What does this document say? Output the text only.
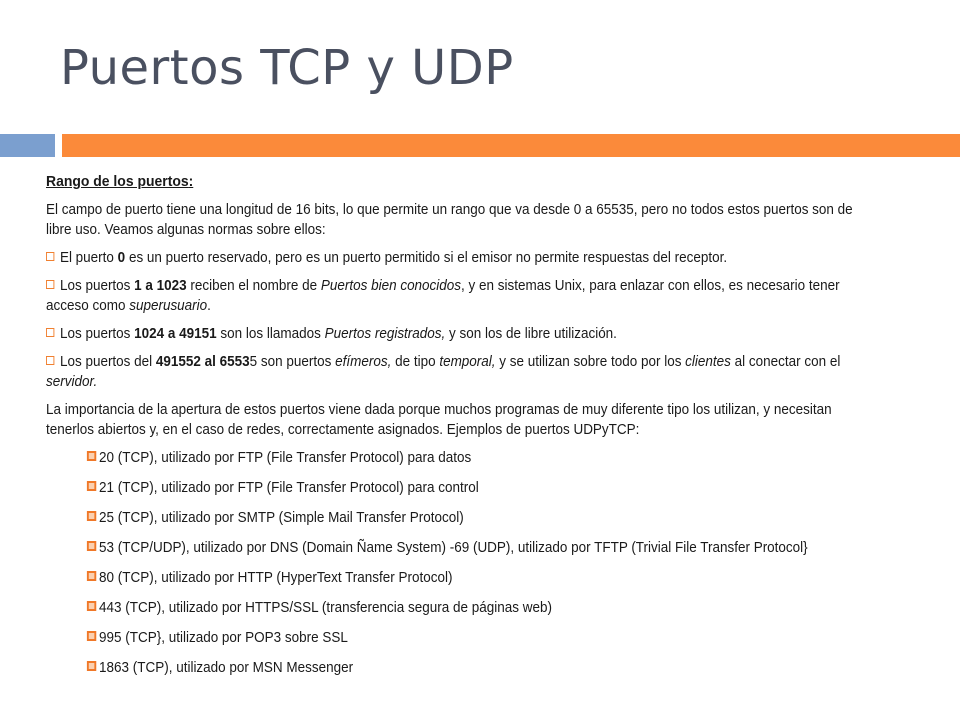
Puertos TCP y UDP

Rango de los puertos:

El campo de puerto tiene una longitud de 16 bits, lo que permite un rango que va desde 0 a 65535, pero no todos estos puertos son de libre uso. Veamos algunas normas sobre ellos:

El puerto 0 es un puerto reservado, pero es un puerto permitido si el emisor no permite respuestas del receptor.

Los puertos 1 a 1023 reciben el nombre de Puertos bien conocidos, y en sistemas Unix, para enlazar con ellos, es necesario tener acceso como superusuario.

Los puertos 1024 a 49151 son los llamados Puertos registrados, y son los de libre utilización.

Los puertos del 491552 al 65535 son puertos efímeros, de tipo temporal, y se utilizan sobre todo por los clientes al conectar con el servidor.

La importancia de la apertura de estos puertos viene dada porque muchos programas de muy diferente tipo los utilizan, y necesitan tenerlos abiertos y, en el caso de redes, correctamente asignados. Ejemplos de puertos UDPyTCP:

20 (TCP), utilizado por FTP (File Transfer Protocol) para datos
21 (TCP), utilizado por FTP (File Transfer Protocol) para control
25 (TCP), utilizado por SMTP (Simple Mail Transfer Protocol)
53 (TCP/UDP), utilizado por DNS (Domain Ñame System) -69 (UDP), utilizado por TFTP (Trivial File Transfer Protocol}
80 (TCP), utilizado por HTTP (HyperText Transfer Protocol)
443 (TCP), utilizado por HTTPS/SSL (transferencia segura de páginas web)
995 (TCP}, utilizado por POP3 sobre SSL
1863 (TCP), utilizado por MSN Messenger
